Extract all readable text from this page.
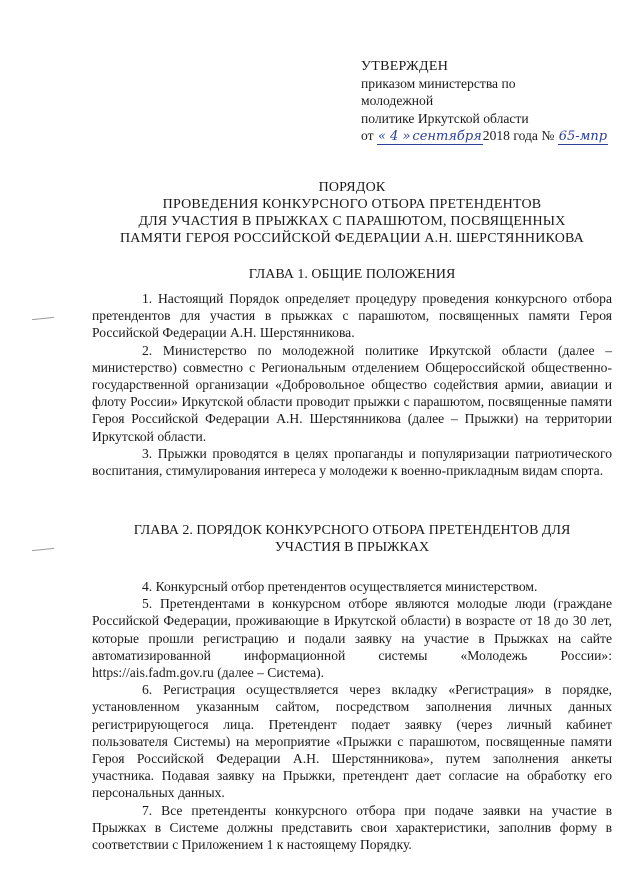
УТВЕРЖДЕН
приказом министерства по
молодежной
политике Иркутской области
от « 4 » сентября2018 года № 65-мпр
ПОРЯДОК
ПРОВЕДЕНИЯ КОНКУРСНОГО ОТБОРА ПРЕТЕНДЕНТОВ
ДЛЯ УЧАСТИЯ В ПРЫЖКАХ С ПАРАШЮТОМ, ПОСВЯЩЕННЫХ
ПАМЯТИ ГЕРОЯ РОССИЙСКОЙ ФЕДЕРАЦИИ А.Н. ШЕРСТЯННИКОВА
ГЛАВА 1. ОБЩИЕ ПОЛОЖЕНИЯ

1. Настоящий Порядок определяет процедуру проведения конкурсного отбора претендентов для участия в прыжках с парашютом, посвященных памяти Героя Российской Федерации А.Н. Шерстянникова.

2. Министерство по молодежной политике Иркутской области (далее – министерство) совместно с Региональным отделением Общероссийской общественно-государственной организации «Добровольное общество содействия армии, авиации и флоту России» Иркутской области проводит прыжки с парашютом, посвященные памяти Героя Российской Федерации А.Н. Шерстянникова (далее – Прыжки) на территории Иркутской области.

3. Прыжки проводятся в целях пропаганды и популяризации патриотического воспитания, стимулирования интереса у молодежи к военно-прикладным видам спорта.

ГЛАВА 2. ПОРЯДОК КОНКУРСНОГО ОТБОРА ПРЕТЕНДЕНТОВ ДЛЯ
УЧАСТИЯ В ПРЫЖКАХ

4. Конкурсный отбор претендентов осуществляется министерством.

5. Претендентами в конкурсном отборе являются молодые люди (граждане Российской Федерации, проживающие в Иркутской области) в возрасте от 18 до 30 лет, которые прошли регистрацию и подали заявку на участие в Прыжках на сайте автоматизированной информационной системы «Молодежь России»: https://ais.fadm.gov.ru (далее – Система).

6. Регистрация осуществляется через вкладку «Регистрация» в порядке, установленном указанным сайтом, посредством заполнения личных данных регистрирующегося лица. Претендент подает заявку (через личный кабинет пользователя Системы) на мероприятие «Прыжки с парашютом, посвященные памяти Героя Российской Федерации А.Н. Шерстянникова», путем заполнения анкеты участника. Подавая заявку на Прыжки, претендент дает согласие на обработку его персональных данных.

7. Все претенденты конкурсного отбора при подаче заявки на участие в Прыжках в Системе должны представить свои характеристики, заполнив форму в соответствии с Приложением 1 к настоящему Порядку.
